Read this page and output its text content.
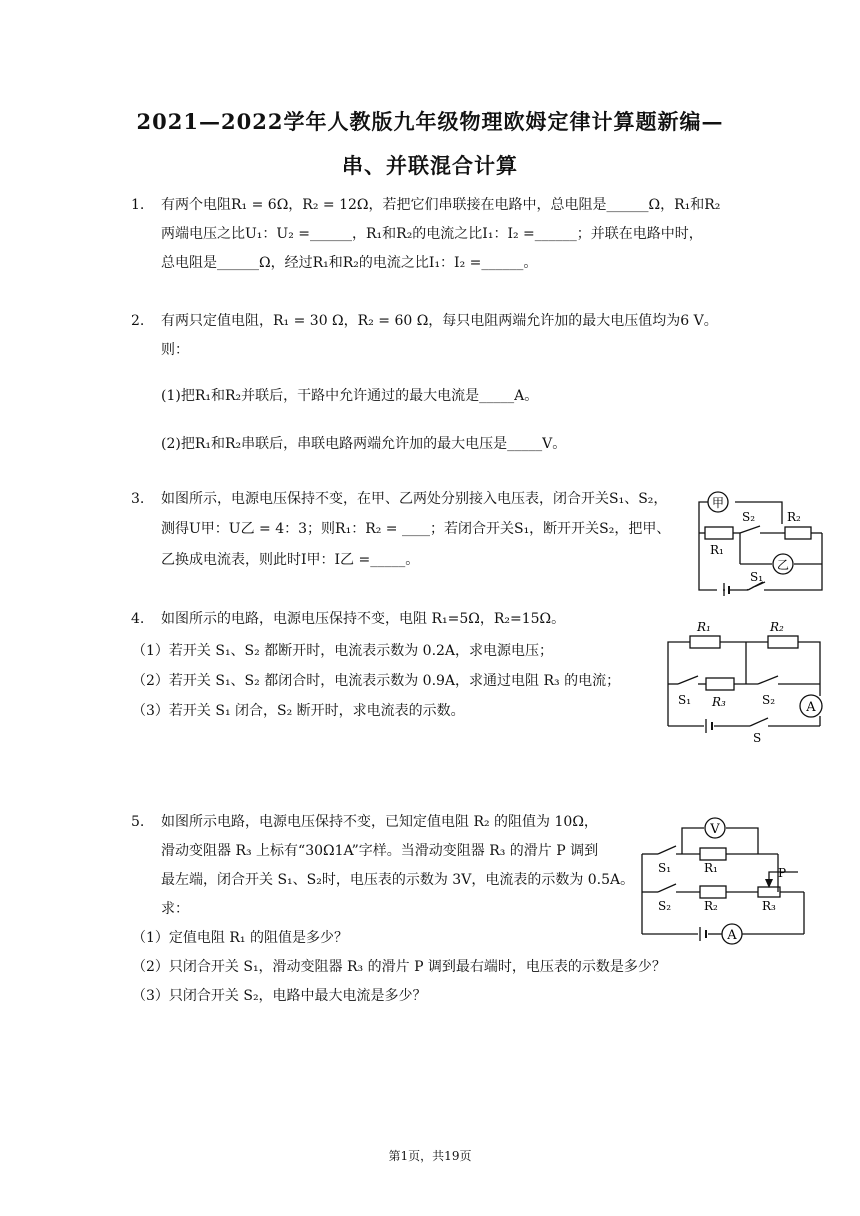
2021—2022学年人教版九年级物理欧姆定律计算题新编—
串、并联混合计算
1. 有两个电阻R₁ = 6Ω，R₂ = 12Ω，若把它们串联接在电路中，总电阻是______Ω，R₁和R₂
两端电压之比U₁：U₂ =______，R₁和R₂的电流之比I₁：I₂ =______；并联在电路中时，
总电阻是______Ω，经过R₁和R₂的电流之比I₁：I₂ =______。
2. 有两只定值电阻，R₁ = 30 Ω，R₂ = 60 Ω，每只电阻两端允许加的最大电压值均为6 V。
则：
(1)把R₁和R₂并联后，干路中允许通过的最大电流是_____A。
(2)把R₁和R₂串联后，串联电路两端允许加的最大电压是_____V。
3. 如图所示，电源电压保持不变，在甲、乙两处分别接入电压表，闭合开关S₁、S₂，
测得U甲：U乙 = 4：3；则R₁：R₂ = ____；若闭合开关S₁，断开开关S₂，把甲、
乙换成电流表，则此时I甲：I乙 =_____。
甲
乙
R₁
R₂
S₂
S₁
4. 如图所示的电路，电源电压保持不变，电阻 R₁=5Ω，R₂=15Ω。
（1）若开关 S₁、S₂ 都断开时，电流表示数为 0.2A，求电源电压；
（2）若开关 S₁、S₂ 都闭合时，电流表示数为 0.9A，求通过电阻 R₃ 的电流；
（3）若开关 S₁ 闭合，S₂ 断开时，求电流表的示数。
R₁	R₂
R₃
S₁	S₂
S
A
5. 如图所示电路，电源电压保持不变，已知定值电阻 R₂ 的阻值为 10Ω，
滑动变阻器 R₃ 上标有“30Ω1A”字样。当滑动变阻器 R₃ 的滑片 P 调到
最左端，闭合开关 S₁、S₂时，电压表的示数为 3V，电流表的示数为 0.5A。
求：
（1）定值电阻 R₁ 的阻值是多少？
（2）只闭合开关 S₁，滑动变阻器 R₃ 的滑片 P 调到最右端时，电压表的示数是多少？
（3）只闭合开关 S₂，电路中最大电流是多少？
V
A
R₁
R₂	R₃
S₁
S₂
P
第1页，共19页
